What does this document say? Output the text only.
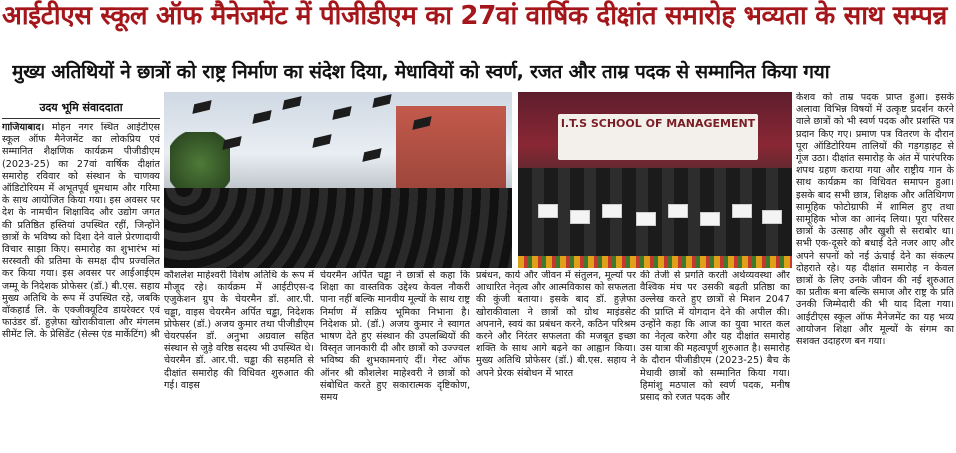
आईटीएस स्कूल ऑफ मैनेजमेंट में पीजीडीएम का 27वां वार्षिक दीक्षांत समारोह भव्यता के साथ सम्पन्न
मुख्य अतिथियों ने छात्रों को राष्ट्र निर्माण का संदेश दिया, मेधावियों को स्वर्ण, रजत और ताम्र पदक से सम्मानित किया गया
उदय भूमि संवाददाता
गाजियाबाद। मोहन नगर स्थित आईटीएस स्कूल ऑफ मैनेजमेंट का लोकप्रिय एवं सम्मानित शैक्षणिक कार्यक्रम पीजीडीएम (2023-25) का 27वां वार्षिक दीक्षांत समारोह रविवार को संस्थान के चाणक्य ऑडिटोरियम में अभूतपूर्व धूमधाम और गरिमा के साथ आयोजित किया गया। इस अवसर पर देश के नामचीन शिक्षाविद और उद्योग जगत की प्रतिष्ठित हस्तियां उपस्थित रहीं, जिन्होंने छात्रों के भविष्य को दिशा देने वाले प्रेरणादायी विचार साझा किए। समारोह का शुभारंभ मां सरस्वती की प्रतिमा के समक्ष दीप प्रज्वलित कर किया गया। इस अवसर पर आईआईएम जम्मू के निदेशक प्रोफेसर (डॉ.) बी.एस. सहाय मुख्य अतिथि के रूप में उपस्थित रहे, जबकि वॉकहार्ड लि. के एक्जीक्यूटिव डायरेक्टर एवं फाउंडर डॉ. हुज़ेफा खोराकीवाला और मंगलम सीमेंट लि. के प्रेसिडेंट (सेल्स एंड मार्केटिंग) श्री
I.T.S SCHOOL OF MANAGEMENT
कौशलेश माहेश्वरी विशेष अतिथि के रूप में मौजूद रहे। कार्यक्रम में आईटीएस-द एजुकेशन ग्रुप के चेयरमैन डॉ. आर.पी. चड्ढा, वाइस चेयरमैन अर्पित चड्ढा, निदेशक प्रोफेसर (डॉ.) अजय कुमार तथा पीजीडीएम चेयरपर्सन डॉ. अनुभा अग्रवाल सहित संस्थान से जुड़े वरिष्ठ सदस्य भी उपस्थित थे। चेयरमैन डॉ. आर.पी. चड्ढा की सहमति से दीक्षांत समारोह की विधिवत शुरुआत की गई। वाइस
चेयरमैन अर्पित चड्ढा ने छात्रों से कहा कि शिक्षा का वास्तविक उद्देश्य केवल नौकरी पाना नहीं बल्कि मानवीय मूल्यों के साथ राष्ट्र निर्माण में सक्रिय भूमिका निभाना है। निदेशक प्रो. (डॉ.) अजय कुमार ने स्वागत भाषण देते हुए संस्थान की उपलब्धियों की विस्तृत जानकारी दी और छात्रों को उज्ज्वल भविष्य की शुभकामनाएं दीं। गेस्ट ऑफ ऑनर श्री कौशलेश माहेश्वरी ने छात्रों को संबोधित करते हुए सकारात्मक दृष्टिकोण, समय
प्रबंधन, कार्य और जीवन में संतुलन, मूल्यों पर आधारित नेतृत्व और आत्मविकास को सफलता की कुंजी बताया। इसके बाद डॉ. हुज़ेफा खोराकीवाला ने छात्रों को ग्रोथ माइंडसेट अपनाने, स्वयं का प्रबंधन करने, कठिन परिश्रम करने और निरंतर सफलता की मजबूत इच्छा शक्ति के साथ आगे बढ़ने का आह्वान किया। मुख्य अतिथि प्रोफेसर (डॉ.) बी.एस. सहाय ने अपने प्रेरक संबोधन में भारत
की तेजी से प्रगति करती अर्थव्यवस्था और वैश्विक मंच पर उसकी बढ़ती प्रतिष्ठा का उल्लेख करते हुए छात्रों से मिशन 2047 की प्राप्ति में योगदान देने की अपील की। उन्होंने कहा कि आज का युवा भारत कल का नेतृत्व करेगा और यह दीक्षांत समारोह उस यात्रा की महत्वपूर्ण शुरुआत है। समारोह के दौरान पीजीडीएम (2023-25) बैच के मेधावी छात्रों को सम्मानित किया गया। हिमांशु मठपाल को स्वर्ण पदक, मनीष प्रसाद को रजत पदक और
केशव को ताम्र पदक प्राप्त हुआ। इसके अलावा विभिन्न विषयों में उत्कृष्ट प्रदर्शन करने वाले छात्रों को भी स्वर्ण पदक और प्रशस्ति पत्र प्रदान किए गए। प्रमाण पत्र वितरण के दौरान पूरा ऑडिटोरियम तालियों की गड़गड़ाहट से गूंज उठा। दीक्षांत समारोह के अंत में पारंपरिक शपथ ग्रहण कराया गया और राष्ट्रीय गान के साथ कार्यक्रम का विधिवत समापन हुआ। इसके बाद सभी छात्र, शिक्षक और अतिथिगण सामूहिक फोटोग्राफी में शामिल हुए तथा सामूहिक भोज का आनंद लिया। पूरा परिसर छात्रों के उत्साह और खुशी से सराबोर था। सभी एक-दूसरे को बधाई देते नजर आए और अपने सपनों को नई ऊंचाई देने का संकल्प दोहराते रहे। यह दीक्षांत समारोह न केवल छात्रों के लिए उनके जीवन की नई शुरुआत का प्रतीक बना बल्कि समाज और राष्ट्र के प्रति उनकी जिम्मेदारी की भी याद दिला गया। आईटीएस स्कूल ऑफ मैनेजमेंट का यह भव्य आयोजन शिक्षा और मूल्यों के संगम का सशक्त उदाहरण बन गया।
